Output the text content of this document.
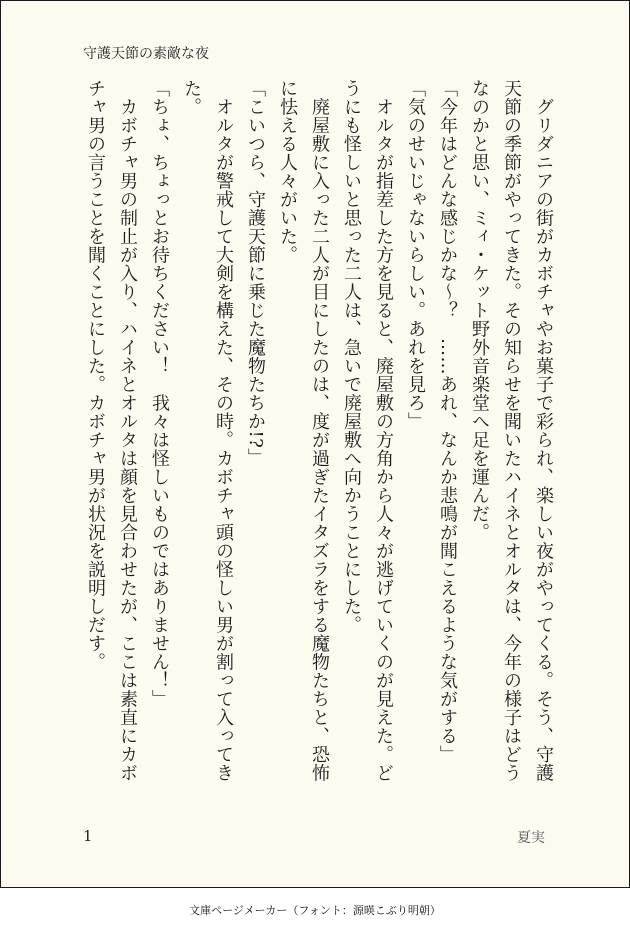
守護天節の素敵な夜

　グリダニアの街がカボチャやお菓子で彩られ、楽しい夜がやってくる。そう、守護天節の季節がやってきた。その知らせを聞いたハイネとオルタは、今年の様子はどうなのかと思い、ミィ・ケット野外音楽堂へ足を運んだ。

「今年はどんな感じかな〜？　……あれ、なんか悲鳴が聞こえるような気がする」

「気のせいじゃないらしい。あれを見ろ」

　オルタが指差した方を見ると、廃屋敷の方角から人々が逃げていくのが見えた。どうにも怪しいと思った二人は、急いで廃屋敷へ向かうことにした。

　廃屋敷に入った二人が目にしたのは、度が過ぎたイタズラをする魔物たちと、恐怖に怯える人々がいた。

「こいつら、守護天節に乗じた魔物たちか!?」

　オルタが警戒して大剣を構えた、その時。カボチャ頭の怪しい男が割って入ってきた。

「ちょ、ちょっとお待ちください！　我々は怪しいものではありません！」

　カボチャ男の制止が入り、ハイネとオルタは顔を見合わせたが、ここは素直にカボチャ男の言うことを聞くことにした。カボチャ男が状況を説明しだす。

1	夏実
文庫ページメーカー（フォント：源暎こぶり明朝）
